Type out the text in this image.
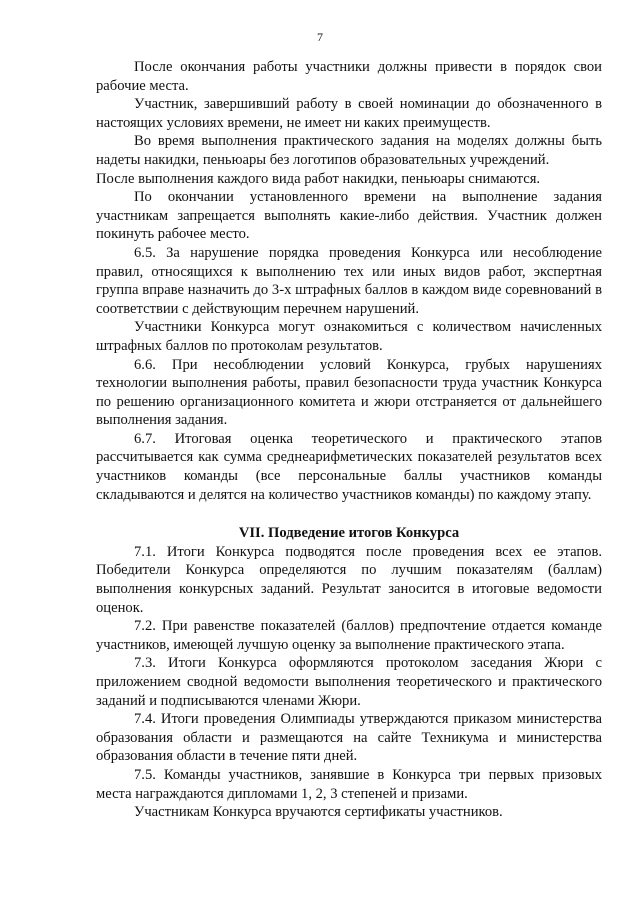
7

После окончания работы участники должны привести в порядок свои рабочие места.

Участник, завершивший работу в своей номинации до обозначенного в настоящих условиях времени, не имеет ни каких преимуществ.

Во время выполнения практического задания на моделях должны быть надеты накидки, пеньюары без логотипов образовательных учреждений.

После выполнения каждого вида работ накидки, пеньюары снимаются.

По окончании установленного времени на выполнение задания участникам запрещается выполнять какие-либо действия. Участник должен покинуть рабочее место.

6.5. За нарушение порядка проведения Конкурса или несоблюдение правил, относящихся к выполнению тех или иных видов работ, экспертная группа вправе назначить до 3-х штрафных баллов в каждом виде соревнований в соответствии с действующим перечнем нарушений.

Участники Конкурса могут ознакомиться с количеством начисленных штрафных баллов по протоколам результатов.

6.6. При несоблюдении условий Конкурса, грубых нарушениях технологии выполнения работы, правил безопасности труда участник Конкурса по решению организационного комитета и жюри отстраняется от дальнейшего выполнения задания.

6.7. Итоговая оценка теоретического и практического этапов рассчитывается как сумма среднеарифметических показателей результатов всех участников команды (все персональные баллы участников команды складываются и делятся на количество участников команды) по каждому этапу.

VII. Подведение итогов Конкурса

7.1. Итоги Конкурса подводятся после проведения всех ее этапов. Победители Конкурса определяются по лучшим показателям (баллам) выполнения конкурсных заданий. Результат заносится в итоговые ведомости оценок.

7.2. При равенстве показателей (баллов) предпочтение отдается команде участников, имеющей лучшую оценку за выполнение практического этапа.

7.3. Итоги Конкурса оформляются протоколом заседания Жюри с приложением сводной ведомости выполнения теоретического и практического заданий и подписываются членами Жюри.

7.4. Итоги проведения Олимпиады утверждаются приказом министерства образования области и размещаются на сайте Техникума и министерства образования области в течение пяти дней.

7.5. Команды участников, занявшие в Конкурса три первых призовых места награждаются дипломами 1, 2, 3 степеней и призами.

Участникам Конкурса вручаются сертификаты участников.
